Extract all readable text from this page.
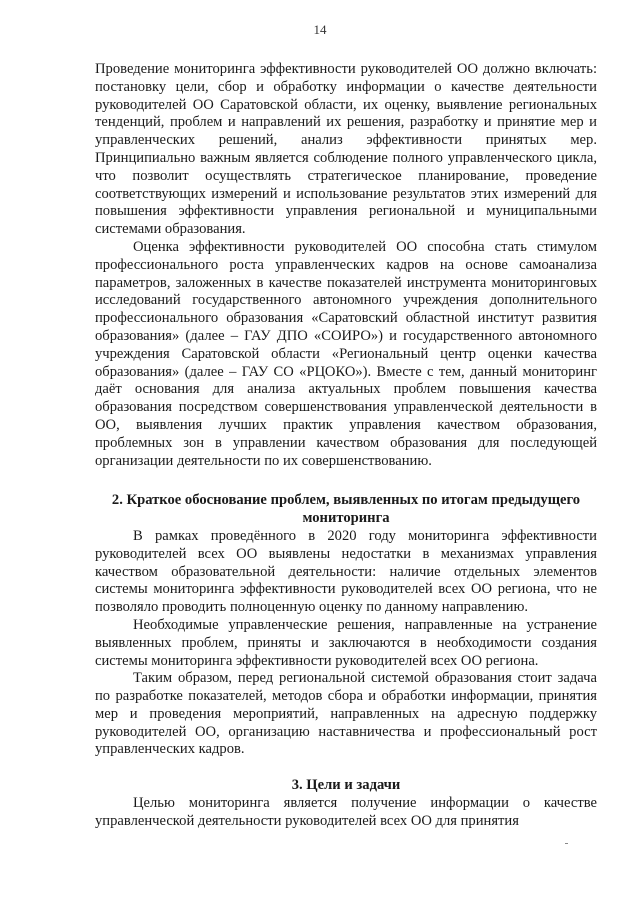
14

Проведение мониторинга эффективности руководителей ОО должно включать: постановку цели, сбор и обработку информации о качестве деятельности руководителей ОО Саратовской области, их оценку, выявление региональных тенденций, проблем и направлений их решения, разработку и принятие мер и управленческих решений, анализ эффективности принятых мер. Принципиально важным является соблюдение полного управленческого цикла, что позволит осуществлять стратегическое планирование, проведение соответствующих измерений и использование результатов этих измерений для повышения эффективности управления региональной и муниципальными системами образования.

Оценка эффективности руководителей ОО способна стать стимулом профессионального роста управленческих кадров на основе самоанализа параметров, заложенных в качестве показателей инструмента мониторинговых исследований государственного автономного учреждения дополнительного профессионального образования «Саратовский областной институт развития образования» (далее – ГАУ ДПО «СОИРО») и государственного автономного учреждения Саратовской области «Региональный центр оценки качества образования» (далее – ГАУ СО «РЦОКО»). Вместе с тем, данный мониторинг даёт основания для анализа актуальных проблем повышения качества образования посредством совершенствования управленческой деятельности в ОО, выявления лучших практик управления качеством образования, проблемных зон в управлении качеством образования для последующей организации деятельности по их совершенствованию.

2. Краткое обоснование проблем, выявленных по итогам предыдущего мониторинга

В рамках проведённого в 2020 году мониторинга эффективности руководителей всех ОО выявлены недостатки в механизмах управления качеством образовательной деятельности: наличие отдельных элементов системы мониторинга эффективности руководителей всех ОО региона, что не позволяло проводить полноценную оценку по данному направлению.

Необходимые управленческие решения, направленные на устранение выявленных проблем, приняты и заключаются в необходимости создания системы мониторинга эффективности руководителей всех ОО региона.

Таким образом, перед региональной системой образования стоит задача по разработке показателей, методов сбора и обработки информации, принятия мер и проведения мероприятий, направленных на адресную поддержку руководителей ОО, организацию наставничества и профессиональный рост управленческих кадров.

3. Цели и задачи

Целью мониторинга является получение информации о качестве управленческой деятельности руководителей всех ОО для принятия
